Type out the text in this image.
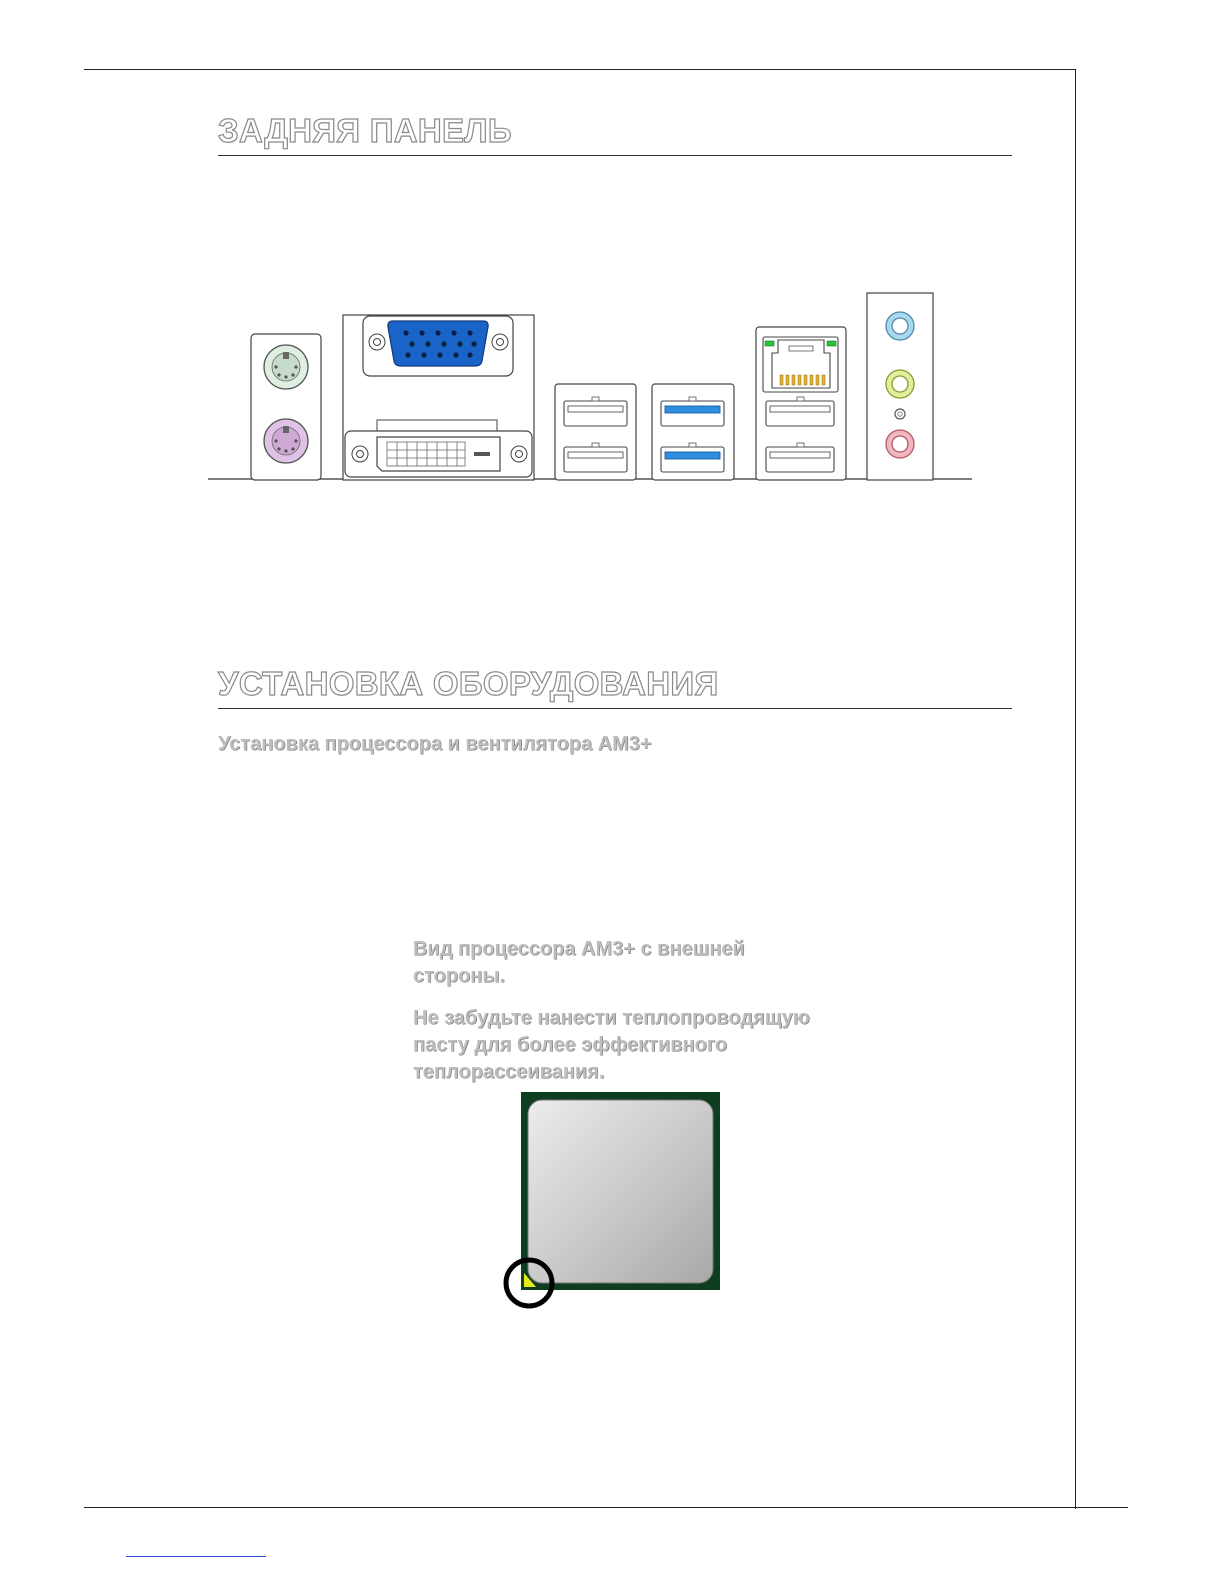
ЗАДНЯЯ ПАНЕЛЬ
УСТАНОВКА ОБОРУДОВАНИЯ

Установка процессора и вентилятора AM3+

Вид процессора AM3+ с внешней стороны.

Не забудьте нанести теплопроводящую пасту для более эффективного теплорассеивания.
